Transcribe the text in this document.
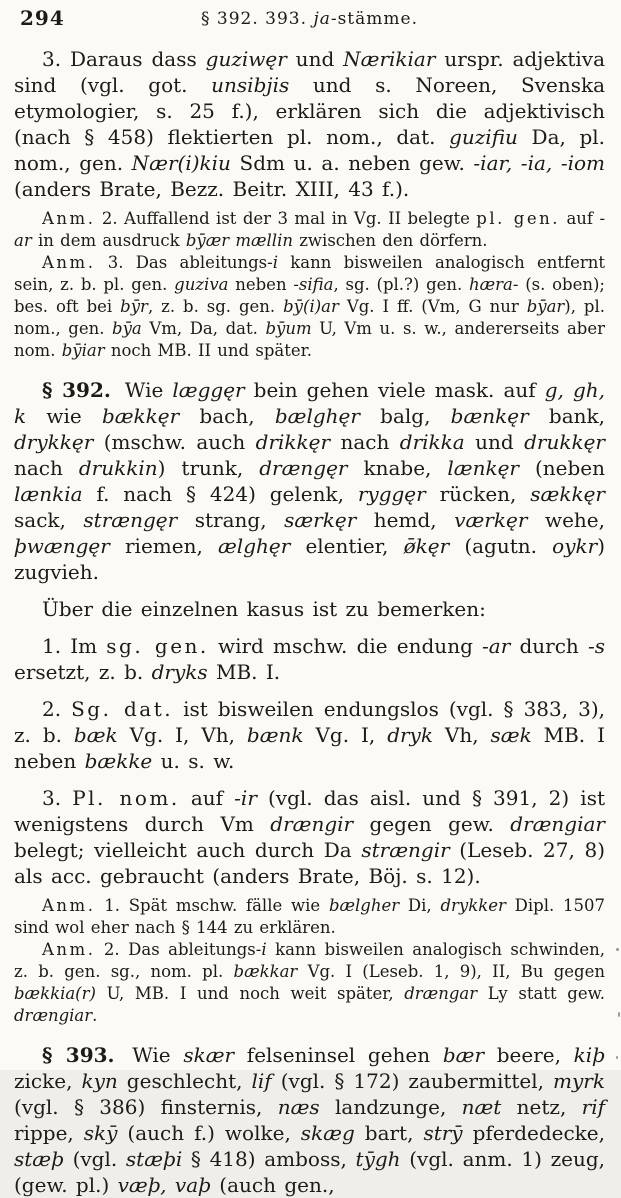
294	§ 392. 393. ja-stämme.

3. Daraus dass guziwęr und Nærikiar urspr. adjektiva sind (vgl. got. unsibjis und s. Noreen, Svenska etymologier, s. 25 f.), erklären sich die adjektivisch (nach § 458) flektierten pl. nom., dat. guzifiu Da, pl. nom., gen. Nær(i)kiu Sdm u. a. neben gew. -iar, -ia, -iom (anders Brate, Bezz. Beitr. XIII, 43 f.).

Anm. 2. Auffallend ist der 3 mal in Vg. II belegte pl. gen. auf -ar in dem ausdruck bȳær mællin zwischen den dörfern.

Anm. 3. Das ableitungs-i kann bisweilen analogisch entfernt sein, z. b. pl. gen. guziva neben -sifia, sg. (pl.?) gen. hæra- (s. oben); bes. oft bei bȳr, z. b. sg. gen. bȳ(i)ar Vg. I ff. (Vm, G nur bȳar), pl. nom., gen. bȳa Vm, Da, dat. bȳum U, Vm u. s. w., andererseits aber nom. bȳiar noch MB. II und später.

§ 392. Wie læggęr bein gehen viele mask. auf g, gh, k wie bækkęr bach, bælghęr balg, bænkęr bank, drykkęr (mschw. auch drikkęr nach drikka und drukkęr nach drukkin) trunk, drængęr knabe, lænkęr (neben lænkia f. nach § 424) gelenk, ryggęr rücken, sækkęr sack, strængęr strang, særkęr hemd, værkęr wehe, þwængęr riemen, ælghęr elentier, ø̄kęr (agutn. oykr) zugvieh.

Über die einzelnen kasus ist zu bemerken:

1. Im sg. gen. wird mschw. die endung -ar durch -s ersetzt, z. b. dryks MB. I.

2. Sg. dat. ist bisweilen endungslos (vgl. § 383, 3), z. b. bæk Vg. I, Vh, bænk Vg. I, dryk Vh, sæk MB. I neben bække u. s. w.

3. Pl. nom. auf -ir (vgl. das aisl. und § 391, 2) ist wenigstens durch Vm drængir gegen gew. drængiar belegt; vielleicht auch durch Da strængir (Leseb. 27, 8) als acc. gebraucht (anders Brate, Böj. s. 12).

Anm. 1. Spät mschw. fälle wie bælgher Di, drykker Dipl. 1507 sind wol eher nach § 144 zu erklären.

Anm. 2. Das ableitungs-i kann bisweilen analogisch schwinden, z. b. gen. sg., nom. pl. bækkar Vg. I (Leseb. 1, 9), II, Bu gegen bækkia(r) U, MB. I und noch weit später, drængar Ly statt gew. drængiar.

§ 393. Wie skær felseninsel gehen bær beere, kiþ zicke, kyn geschlecht, lif (vgl. § 172) zaubermittel, myrk (vgl. § 386) finsternis, næs landzunge, næt netz, rif rippe, skȳ (auch f.) wolke, skæg bart, strȳ pferdedecke, stæþ (vgl. stæþi § 418) amboss, tȳgh (vgl. anm. 1) zeug, (gew. pl.) væþ, vaþ (auch gen.,
